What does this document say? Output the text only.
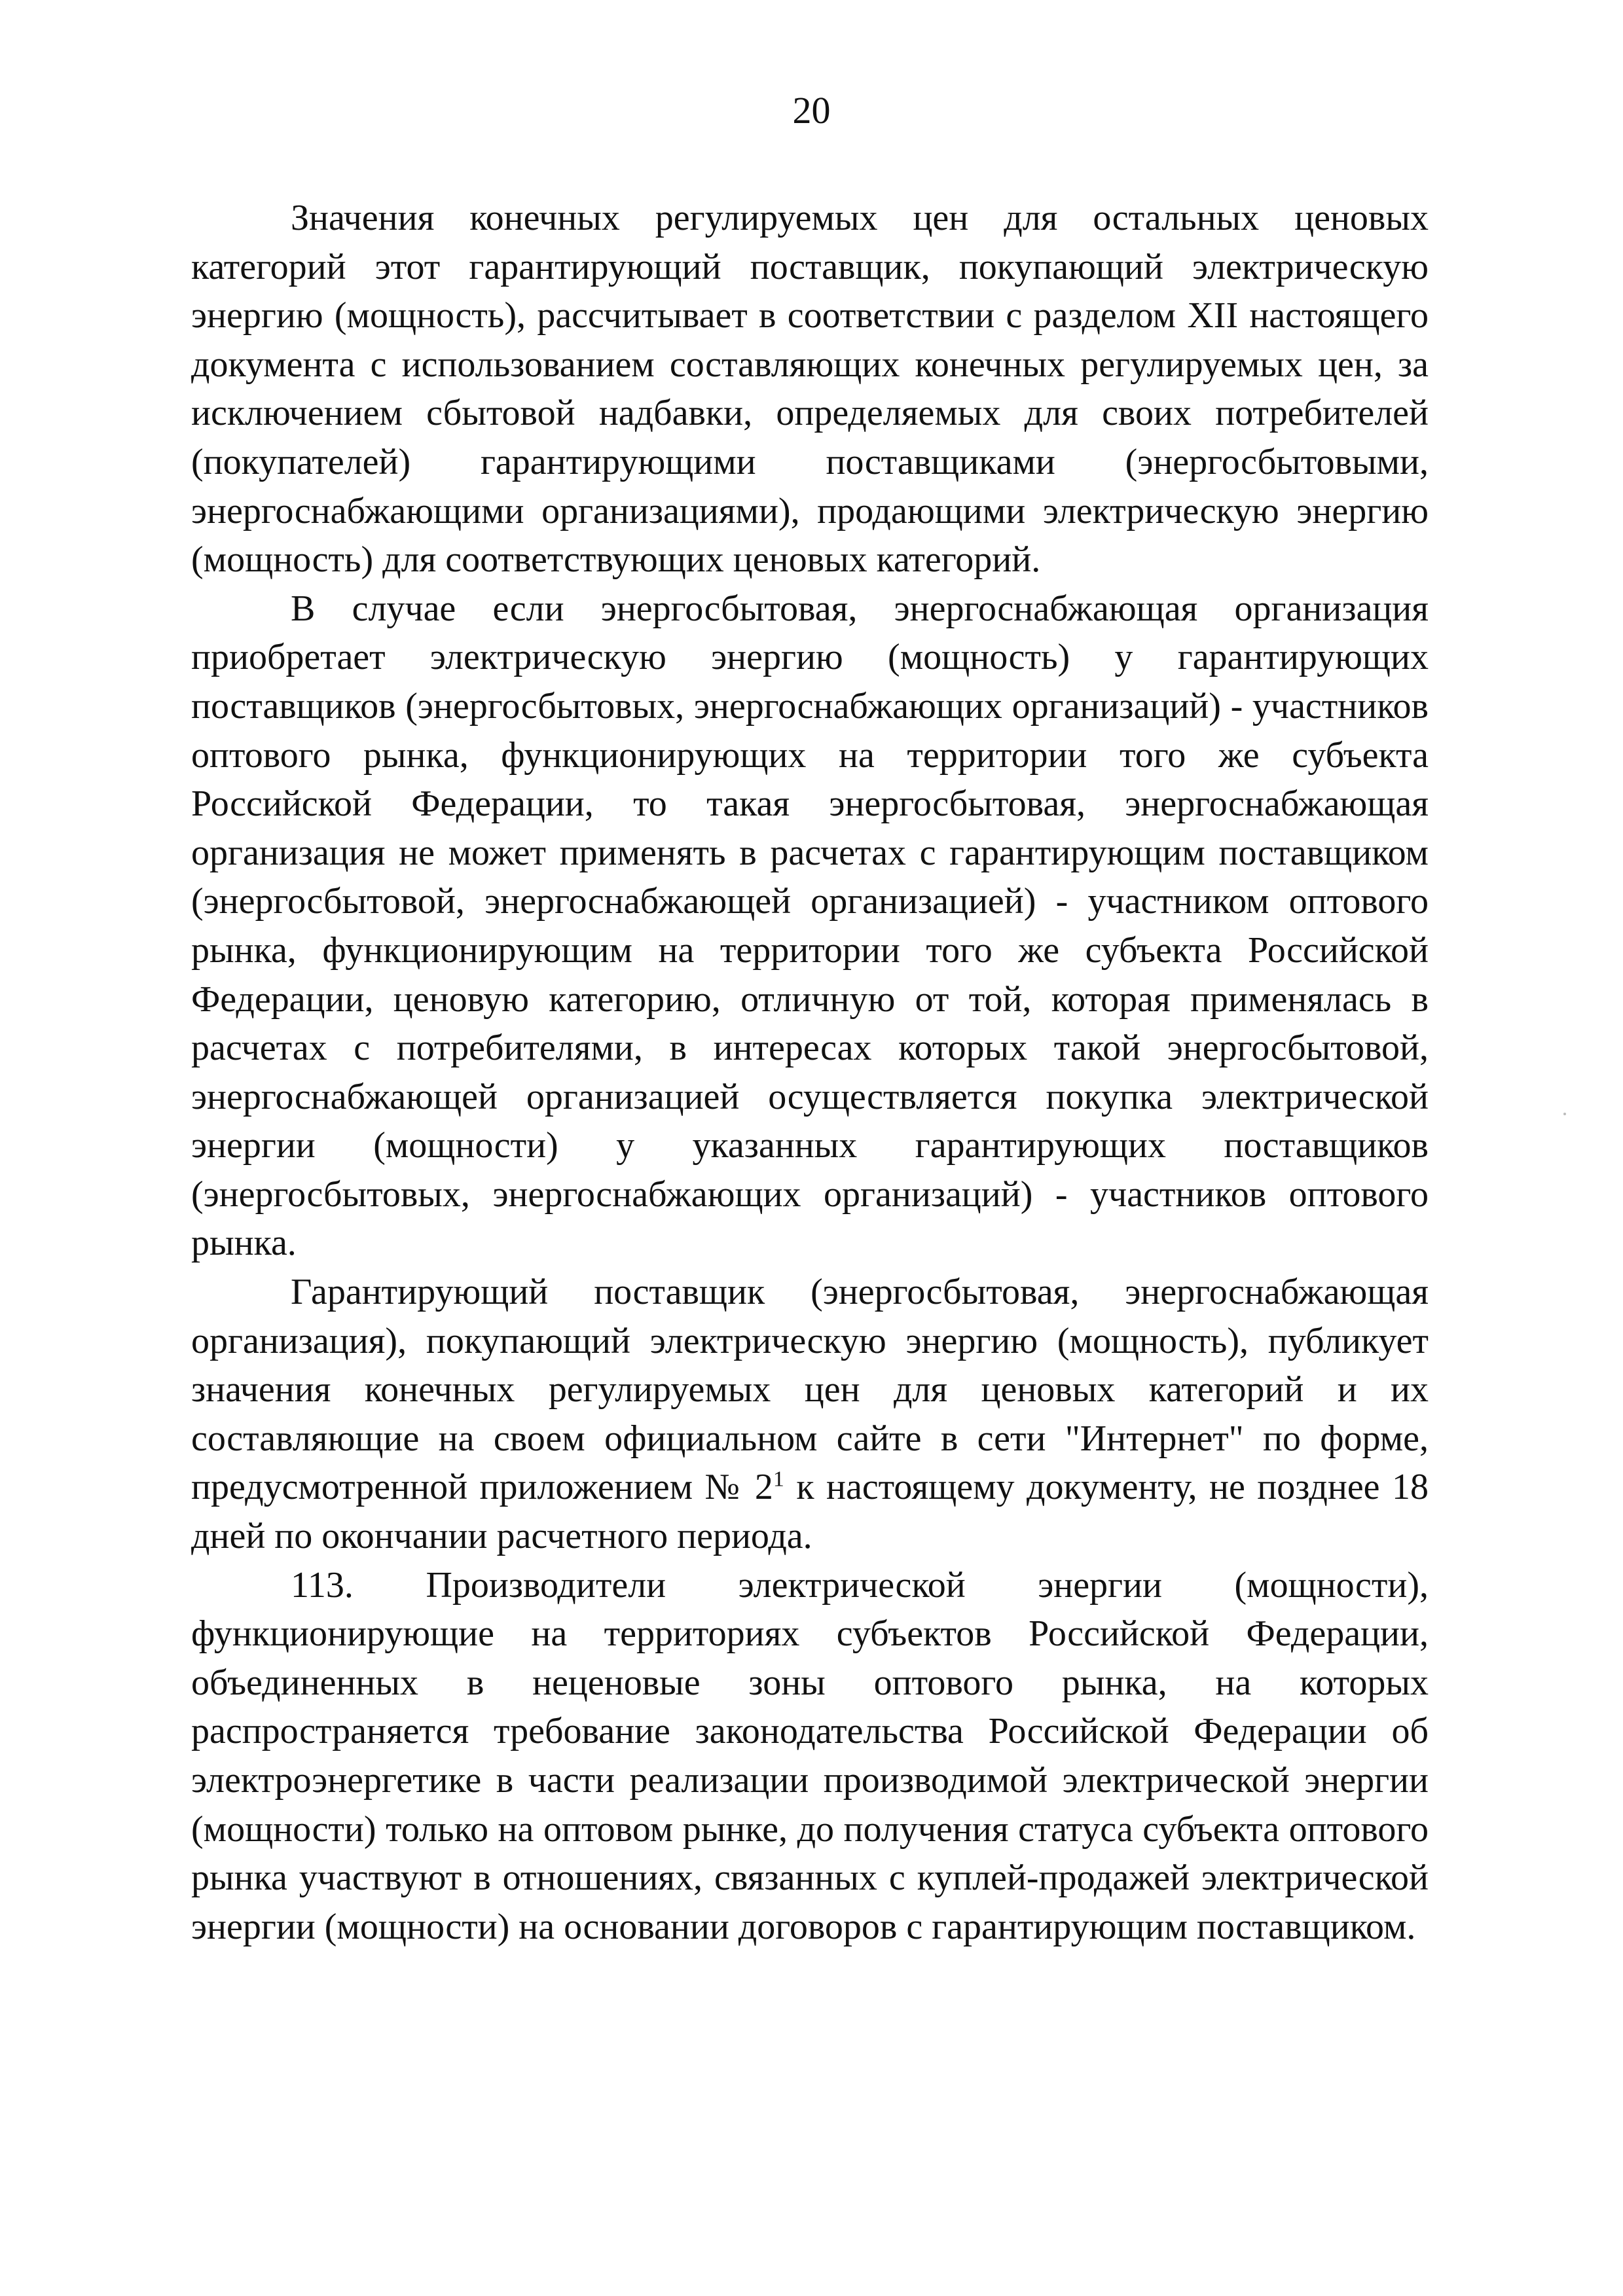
20

Значения конечных регулируемых цен для остальных ценовых категорий этот гарантирующий поставщик, покупающий электрическую энергию (мощность), рассчитывает в соответствии с разделом XII настоящего документа с использованием составляющих конечных регулируемых цен, за исключением сбытовой надбавки, определяемых для своих потребителей (покупателей) гарантирующими поставщиками (энергосбытовыми, энергоснабжающими организациями), продающими электрическую энергию (мощность) для соответствующих ценовых категорий.

В случае если энергосбытовая, энергоснабжающая организация приобретает электрическую энергию (мощность) у гарантирующих поставщиков (энергосбытовых, энергоснабжающих организаций) - участников оптового рынка, функционирующих на территории того же субъекта Российской Федерации, то такая энергосбытовая, энергоснабжающая организация не может применять в расчетах с гарантирующим поставщиком (энергосбытовой, энергоснабжающей организацией) - участником оптового рынка, функционирующим на территории того же субъекта Российской Федерации, ценовую категорию, отличную от той, которая применялась в расчетах с потребителями, в интересах которых такой энергосбытовой, энергоснабжающей организацией осуществляется покупка электрической энергии (мощности) у указанных гарантирующих поставщиков (энергосбытовых, энергоснабжающих организаций) - участников оптового рынка.

Гарантирующий поставщик (энергосбытовая, энергоснабжающая организация), покупающий электрическую энергию (мощность), публикует значения конечных регулируемых цен для ценовых категорий и их составляющие на своем официальном сайте в сети "Интернет" по форме, предусмотренной приложением № $2^1$ к настоящему документу, не позднее 18 дней по окончании расчетного периода.

113. Производители электрической энергии (мощности), функционирующие на территориях субъектов Российской Федерации, объединенных в неценовые зоны оптового рынка, на которых распространяется требование законодательства Российской Федерации об электроэнергетике в части реализации производимой электрической энергии (мощности) только на оптовом рынке, до получения статуса субъекта оптового рынка участвуют в отношениях, связанных с куплей-продажей электрической энергии (мощности) на основании договоров с гарантирующим поставщиком.
